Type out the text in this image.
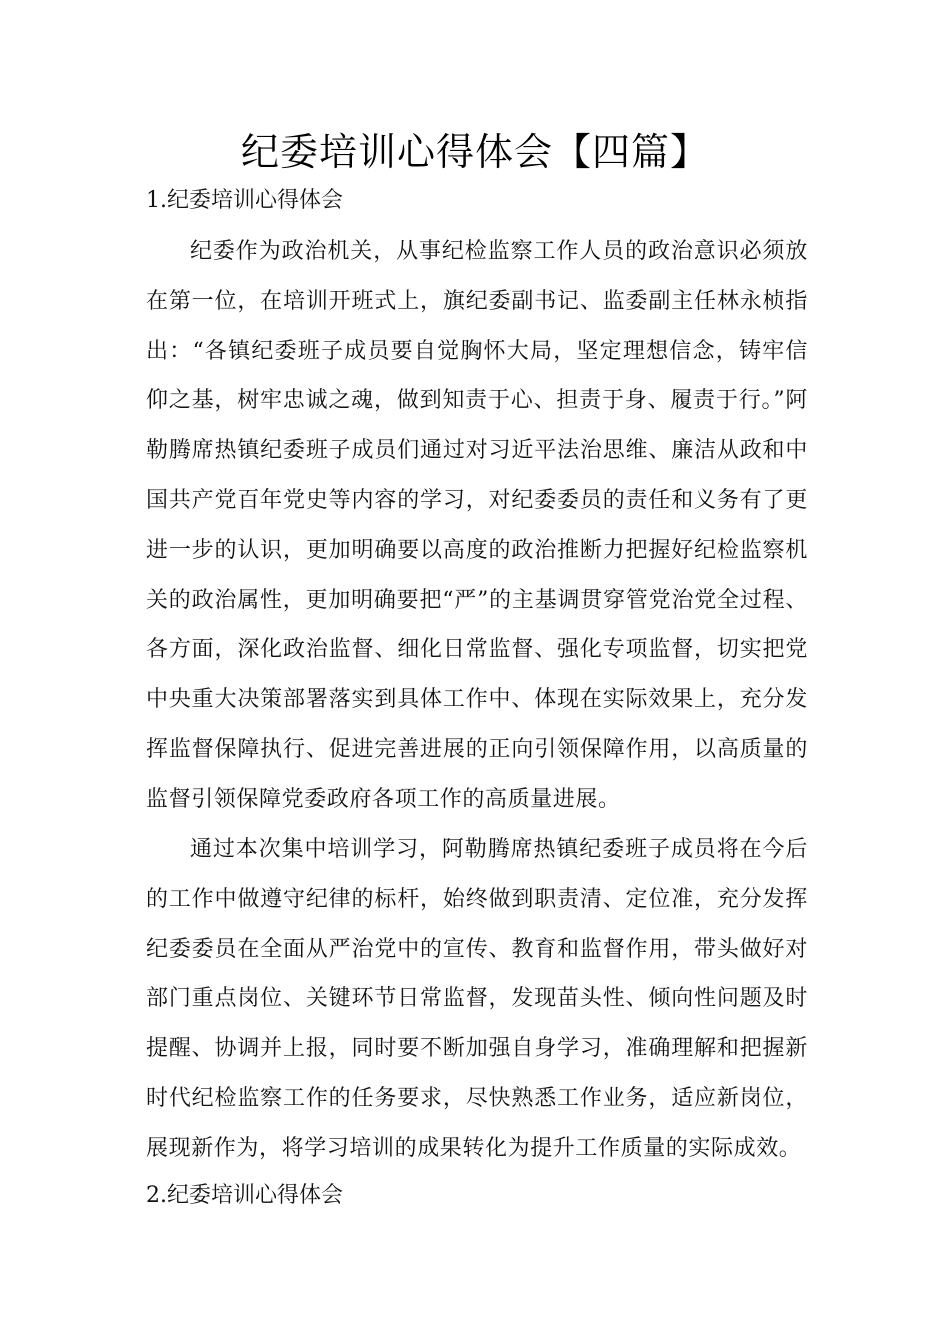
纪委培训心得体会【四篇】
1.纪委培训心得体会

纪委作为政治机关，从事纪检监察工作人员的政治意识必须放在第一位，在培训开班式上，旗纪委副书记、监委副主任林永桢指出：“各镇纪委班子成员要自觉胸怀大局，坚定理想信念，铸牢信仰之基，树牢忠诚之魂，做到知责于心、担责于身、履责于行。”阿勒腾席热镇纪委班子成员们通过对习近平法治思维、廉洁从政和中国共产党百年党史等内容的学习，对纪委委员的责任和义务有了更进一步的认识，更加明确要以高度的政治推断力把握好纪检监察机关的政治属性，更加明确要把“严”的主基调贯穿管党治党全过程、各方面，深化政治监督、细化日常监督、强化专项监督，切实把党中央重大决策部署落实到具体工作中、体现在实际效果上，充分发挥监督保障执行、促进完善进展的正向引领保障作用，以高质量的监督引领保障党委政府各项工作的高质量进展。

通过本次集中培训学习，阿勒腾席热镇纪委班子成员将在今后的工作中做遵守纪律的标杆，始终做到职责清、定位准，充分发挥纪委委员在全面从严治党中的宣传、教育和监督作用，带头做好对部门重点岗位、关键环节日常监督，发现苗头性、倾向性问题及时提醒、协调并上报，同时要不断加强自身学习，准确理解和把握新时代纪检监察工作的任务要求，尽快熟悉工作业务，适应新岗位，展现新作为，将学习培训的成果转化为提升工作质量的实际成效。

2.纪委培训心得体会
